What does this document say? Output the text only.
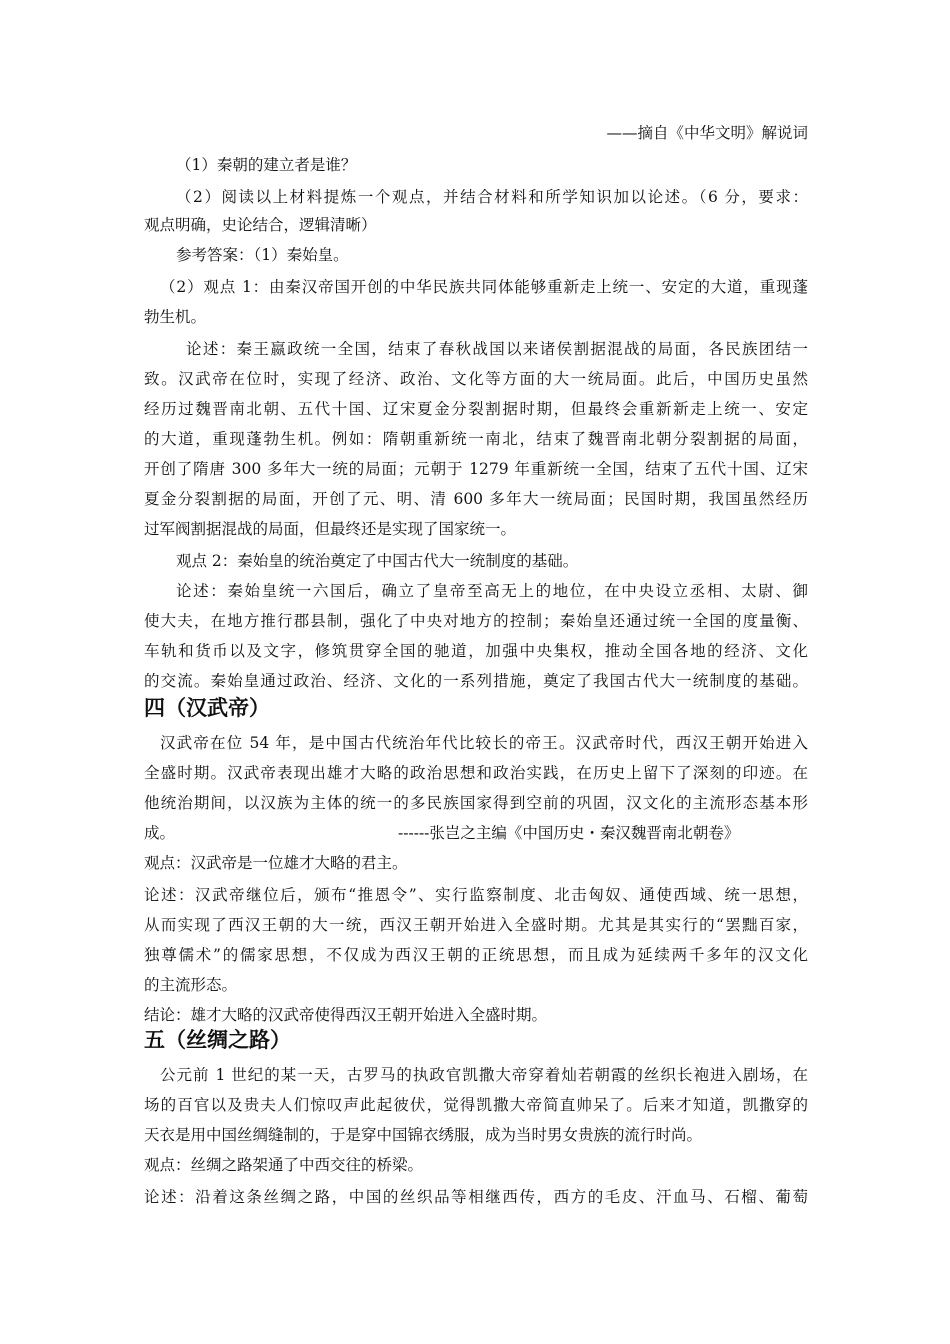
——摘自《中华文明》解说词
（1）秦朝的建立者是谁？
（2）阅读以上材料提炼一个观点，并结合材料和所学知识加以论述。（6 分，要求：
观点明确，史论结合，逻辑清晰）
参考答案：（1）秦始皇。
（2）观点 1：由秦汉帝国开创的中华民族共同体能够重新走上统一、安定的大道，重现蓬
勃生机。
论述：秦王嬴政统一全国，结束了春秋战国以来诸侯割据混战的局面，各民族团结一
致。汉武帝在位时，实现了经济、政治、文化等方面的大一统局面。此后，中国历史虽然
经历过魏晋南北朝、五代十国、辽宋夏金分裂割据时期，但最终会重新新走上统一、安定
的大道，重现蓬勃生机。例如：隋朝重新统一南北，结束了魏晋南北朝分裂割据的局面，
开创了隋唐 300 多年大一统的局面；元朝于 1279 年重新统一全国，结束了五代十国、辽宋
夏金分裂割据的局面，开创了元、明、清 600 多年大一统局面；民国时期，我国虽然经历
过军阀割据混战的局面，但最终还是实现了国家统一。
观点 2：秦始皇的统治奠定了中国古代大一统制度的基础。
论述：秦始皇统一六国后，确立了皇帝至高无上的地位，在中央设立丞相、太尉、御
使大夫，在地方推行郡县制，强化了中央对地方的控制；秦始皇还通过统一全国的度量衡、
车轨和货币以及文字，修筑贯穿全国的驰道，加强中央集权，推动全国各地的经济、文化
的交流。秦始皇通过政治、经济、文化的一系列措施，奠定了我国古代大一统制度的基础。
四（汉武帝）
汉武帝在位 54 年，是中国古代统治年代比较长的帝王。汉武帝时代，西汉王朝开始进入
全盛时期。汉武帝表现出雄才大略的政治思想和政治实践，在历史上留下了深刻的印迹。在
他统治期间，以汉族为主体的统一的多民族国家得到空前的巩固，汉文化的主流形态基本形
成。	------张岂之主编《中国历史・秦汉魏晋南北朝卷》
观点：汉武帝是一位雄才大略的君主。
论述：汉武帝继位后，颁布“推恩令”、实行监察制度、北击匈奴、通使西域、统一思想，
从而实现了西汉王朝的大一统，西汉王朝开始进入全盛时期。尤其是其实行的“罢黜百家，
独尊儒术”的儒家思想，不仅成为西汉王朝的正统思想，而且成为延续两千多年的汉文化
的主流形态。
结论：雄才大略的汉武帝使得西汉王朝开始进入全盛时期。
五（丝绸之路）
公元前 1 世纪的某一天，古罗马的执政官凯撒大帝穿着灿若朝霞的丝织长袍进入剧场，在
场的百官以及贵夫人们惊叹声此起彼伏，觉得凯撒大帝简直帅呆了。后来才知道，凯撒穿的
天衣是用中国丝绸缝制的，于是穿中国锦衣绣服，成为当时男女贵族的流行时尚。
观点：丝绸之路架通了中西交往的桥梁。
论述：沿着这条丝绸之路，中国的丝织品等相继西传，西方的毛皮、汗血马、石榴、葡萄
